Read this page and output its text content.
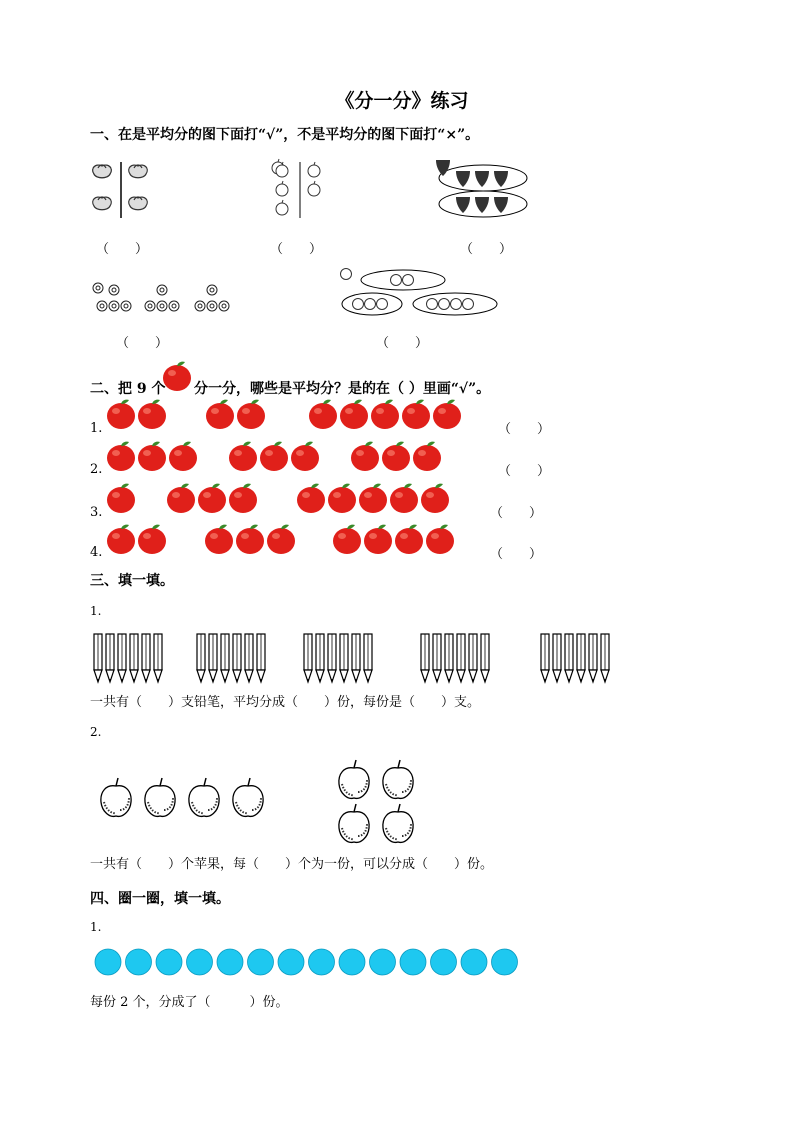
《分一分》练习
一、在是平均分的图下面打“√”，不是平均分的图下面打“×”。
（　　）	（　　）	（　　）
（　　）	（　　）
二、把 9 个 分一分，哪些是平均分？是的在（ ）里画“√”。
1.
2.
3.
4.
（　　）
（　　）
（　　）
（　　）
三、填一填。
1.
一共有（　　）支铅笔，平均分成（　　）份，每份是（　　）支。
2.
一共有（　　）个苹果，每（　　）个为一份，可以分成（　　）份。
四、圈一圈，填一填。
1.
每份 2 个，分成了（　　　）份。
